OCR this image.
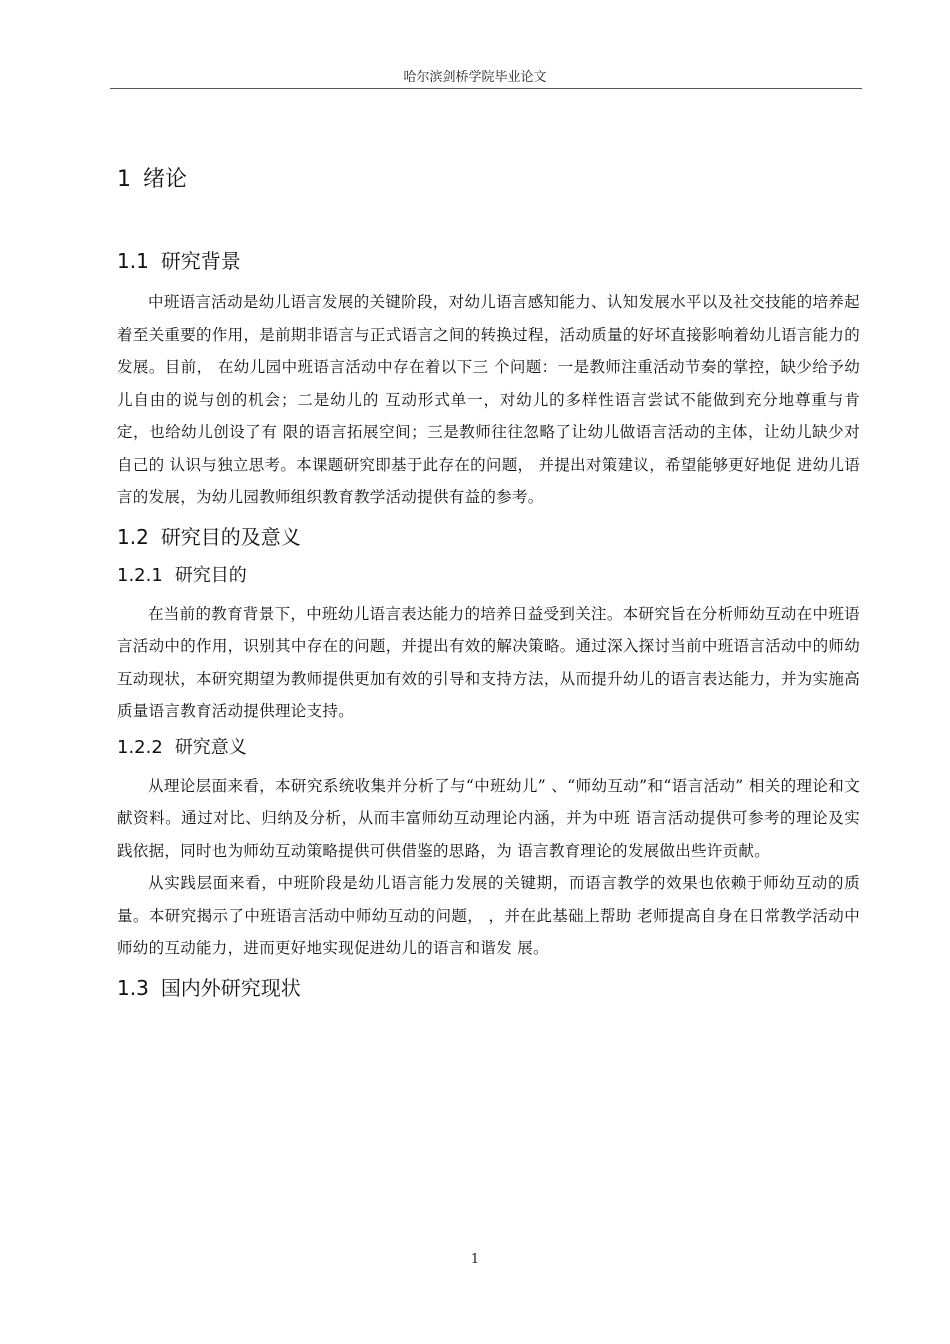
哈尔滨剑桥学院毕业论文
1 绪论
1.1 研究背景

中班语言活动是幼儿语言发展的关键阶段，对幼儿语言感知能力、认知发展水平以及社交技能的培养起着至关重要的作用，是前期非语言与正式语言之间的转换过程，活动质量的好坏直接影响着幼儿语言能力的发展。目前， 在幼儿园中班语言活动中存在着以下三 个问题：一是教师注重活动节奏的掌控，缺少给予幼儿自由的说与创的机会；二是幼儿的 互动形式单一，对幼儿的多样性语言尝试不能做到充分地尊重与肯定，也给幼儿创设了有 限的语言拓展空间；三是教师往往忽略了让幼儿做语言活动的主体，让幼儿缺少对自己的 认识与独立思考。本课题研究即基于此存在的问题， 并提出对策建议，希望能够更好地促 进幼儿语言的发展，为幼儿园教师组织教育教学活动提供有益的参考。

1.2 研究目的及意义
1.2.1 研究目的

在当前的教育背景下，中班幼儿语言表达能力的培养日益受到关注。本研究旨在分析师幼互动在中班语言活动中的作用，识别其中存在的问题，并提出有效的解决策略。通过深入探讨当前中班语言活动中的师幼互动现状，本研究期望为教师提供更加有效的引导和支持方法，从而提升幼儿的语言表达能力，并为实施高质量语言教育活动提供理论支持。

1.2.2 研究意义

从理论层面来看，本研究系统收集并分析了与“中班幼儿” 、“师幼互动”和“语言活动” 相关的理论和文献资料。通过对比、归纳及分析，从而丰富师幼互动理论内涵，并为中班 语言活动提供可参考的理论及实践依据，同时也为师幼互动策略提供可供借鉴的思路，为 语言教育理论的发展做出些许贡献。

从实践层面来看，中班阶段是幼儿语言能力发展的关键期，而语言教学的效果也依赖于师幼互动的质量。本研究揭示了中班语言活动中师幼互动的问题， ，并在此基础上帮助 老师提高自身在日常教学活动中师幼的互动能力，进而更好地实现促进幼儿的语言和谐发 展。

1.3 国内外研究现状
1
